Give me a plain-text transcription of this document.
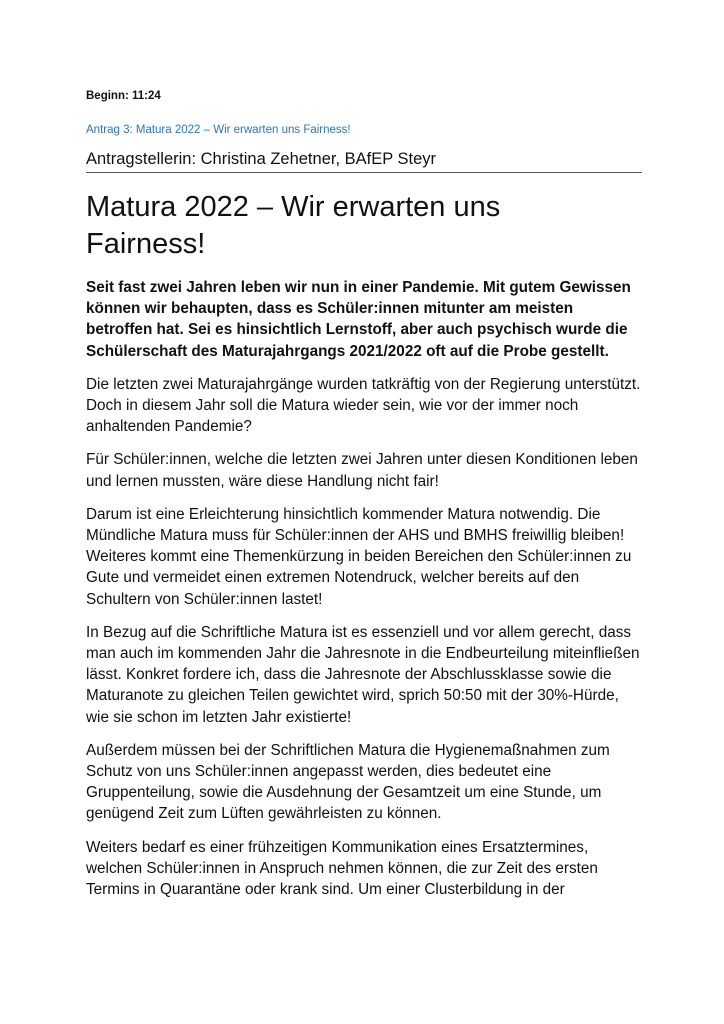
Beginn: 11:24

Antrag 3: Matura 2022 – Wir erwarten uns Fairness!

Antragstellerin: Christina Zehetner, BAfEP Steyr

Matura 2022 – Wir erwarten uns
Fairness!

Seit fast zwei Jahren leben wir nun in einer Pandemie. Mit gutem Gewissen können wir behaupten, dass es Schüler:innen mitunter am meisten betroffen hat. Sei es hinsichtlich Lernstoff, aber auch psychisch wurde die Schülerschaft des Maturajahrgangs 2021/2022 oft auf die Probe gestellt.

Die letzten zwei Maturajahrgänge wurden tatkräftig von der Regierung unterstützt. Doch in diesem Jahr soll die Matura wieder sein, wie vor der immer noch anhaltenden Pandemie?

Für Schüler:innen, welche die letzten zwei Jahren unter diesen Konditionen leben und lernen mussten, wäre diese Handlung nicht fair!

Darum ist eine Erleichterung hinsichtlich kommender Matura notwendig. Die Mündliche Matura muss für Schüler:innen der AHS und BMHS freiwillig bleiben! Weiteres kommt eine Themenkürzung in beiden Bereichen den Schüler:innen zu Gute und vermeidet einen extremen Notendruck, welcher bereits auf den Schultern von Schüler:innen lastet!

In Bezug auf die Schriftliche Matura ist es essenziell und vor allem gerecht, dass man auch im kommenden Jahr die Jahresnote in die Endbeurteilung miteinfließen lässt. Konkret fordere ich, dass die Jahresnote der Abschlussklasse sowie die Maturanote zu gleichen Teilen gewichtet wird, sprich 50:50 mit der 30%-Hürde, wie sie schon im letzten Jahr existierte!

Außerdem müssen bei der Schriftlichen Matura die Hygienemaßnahmen zum Schutz von uns Schüler:innen angepasst werden, dies bedeutet eine Gruppenteilung, sowie die Ausdehnung der Gesamtzeit um eine Stunde, um genügend Zeit zum Lüften gewährleisten zu können.

Weiters bedarf es einer frühzeitigen Kommunikation eines Ersatztermines, welchen Schüler:innen in Anspruch nehmen können, die zur Zeit des ersten Termins in Quarantäne oder krank sind. Um einer Clusterbildung in der
